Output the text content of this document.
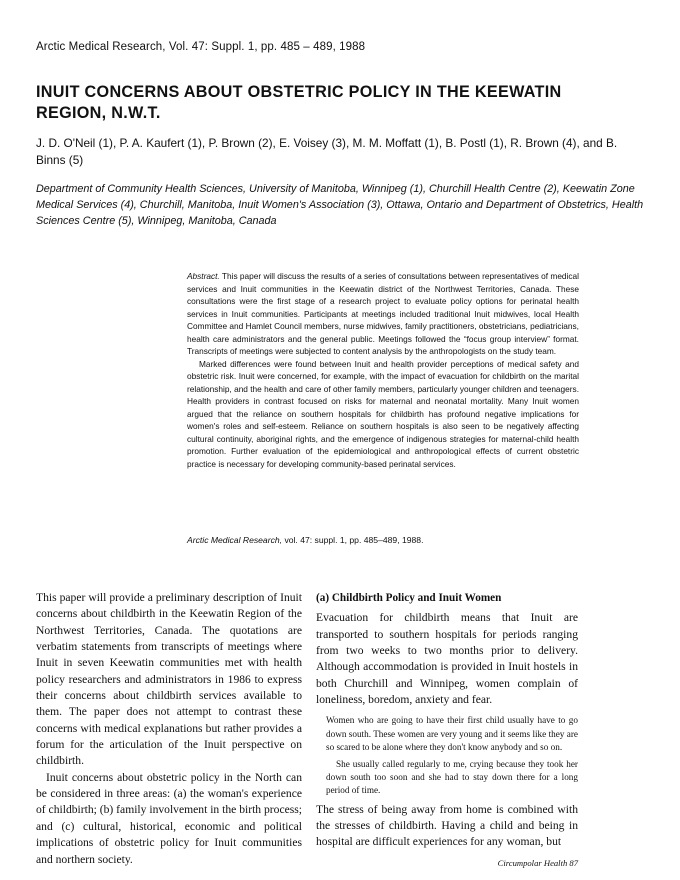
Arctic Medical Research, Vol. 47: Suppl. 1, pp. 485 – 489, 1988
INUIT CONCERNS ABOUT OBSTETRIC POLICY IN THE KEEWATIN REGION, N.W.T.
J. D. O'Neil (1), P. A. Kaufert (1), P. Brown (2), E. Voisey (3), M. M. Moffatt (1), B. Postl (1), R. Brown (4), and B. Binns (5)
Department of Community Health Sciences, University of Manitoba, Winnipeg (1), Churchill Health Centre (2), Keewatin Zone Medical Services (4), Churchill, Manitoba, Inuit Women's Association (3), Ottawa, Ontario and Department of Obstetrics, Health Sciences Centre (5), Winnipeg, Manitoba, Canada

Abstract. This paper will discuss the results of a series of consultations between representatives of medical services and Inuit communities in the Keewatin district of the Northwest Territories, Canada. These consultations were the first stage of a research project to evaluate policy options for perinatal health services in Inuit communities. Participants at meetings included traditional Inuit midwives, local Health Committee and Hamlet Council members, nurse midwives, family practitioners, obstetricians, pediatricians, health care administrators and the general public. Meetings followed the “focus group interview” format. Transcripts of meetings were subjected to content analysis by the anthropologists on the study team.

Marked differences were found between Inuit and health provider perceptions of medical safety and obstetric risk. Inuit were concerned, for example, with the impact of evacuation for childbirth on the marital relationship, and the health and care of other family members, particularly younger children and teenagers. Health providers in contrast focused on risks for maternal and neonatal mortality. Many Inuit women argued that the reliance on southern hospitals for childbirth has profound negative implications for women's roles and self-esteem. Reliance on southern hospitals is also seen to be negatively affecting cultural continuity, aboriginal rights, and the emergence of indigenous strategies for maternal-child health promotion. Further evaluation of the epidemiological and anthropological effects of current obstetric practice is necessary for developing community-based perinatal services.

Arctic Medical Research, vol. 47: suppl. 1, pp. 485–489, 1988.

This paper will provide a preliminary description of Inuit concerns about childbirth in the Keewatin Region of the Northwest Territories, Canada. The quotations are verbatim statements from transcripts of meetings where Inuit in seven Keewatin communities met with health policy researchers and administrators in 1986 to express their concerns about childbirth services available to them. The paper does not attempt to contrast these concerns with medical explanations but rather provides a forum for the articulation of the Inuit perspective on childbirth.

Inuit concerns about obstetric policy in the North can be considered in three areas: (a) the woman's experience of childbirth; (b) family involvement in the birth process; and (c) cultural, historical, economic and political implications of obstetric policy for Inuit communities and northern society.

(a) Childbirth Policy and Inuit Women

Evacuation for childbirth means that Inuit are transported to southern hospitals for periods ranging from two weeks to two months prior to delivery. Although accommodation is provided in Inuit hostels in both Churchill and Winnipeg, women complain of loneliness, boredom, anxiety and fear.

Women who are going to have their first child usually have to go down south. These women are very young and it seems like they are so scared to be alone where they don't know anybody and so on.

She usually called regularly to me, crying because they took her down south too soon and she had to stay down there for a long period of time.

The stress of being away from home is combined with the stresses of childbirth. Having a child and being in hospital are difficult experiences for any woman, but

Circumpolar Health 87
